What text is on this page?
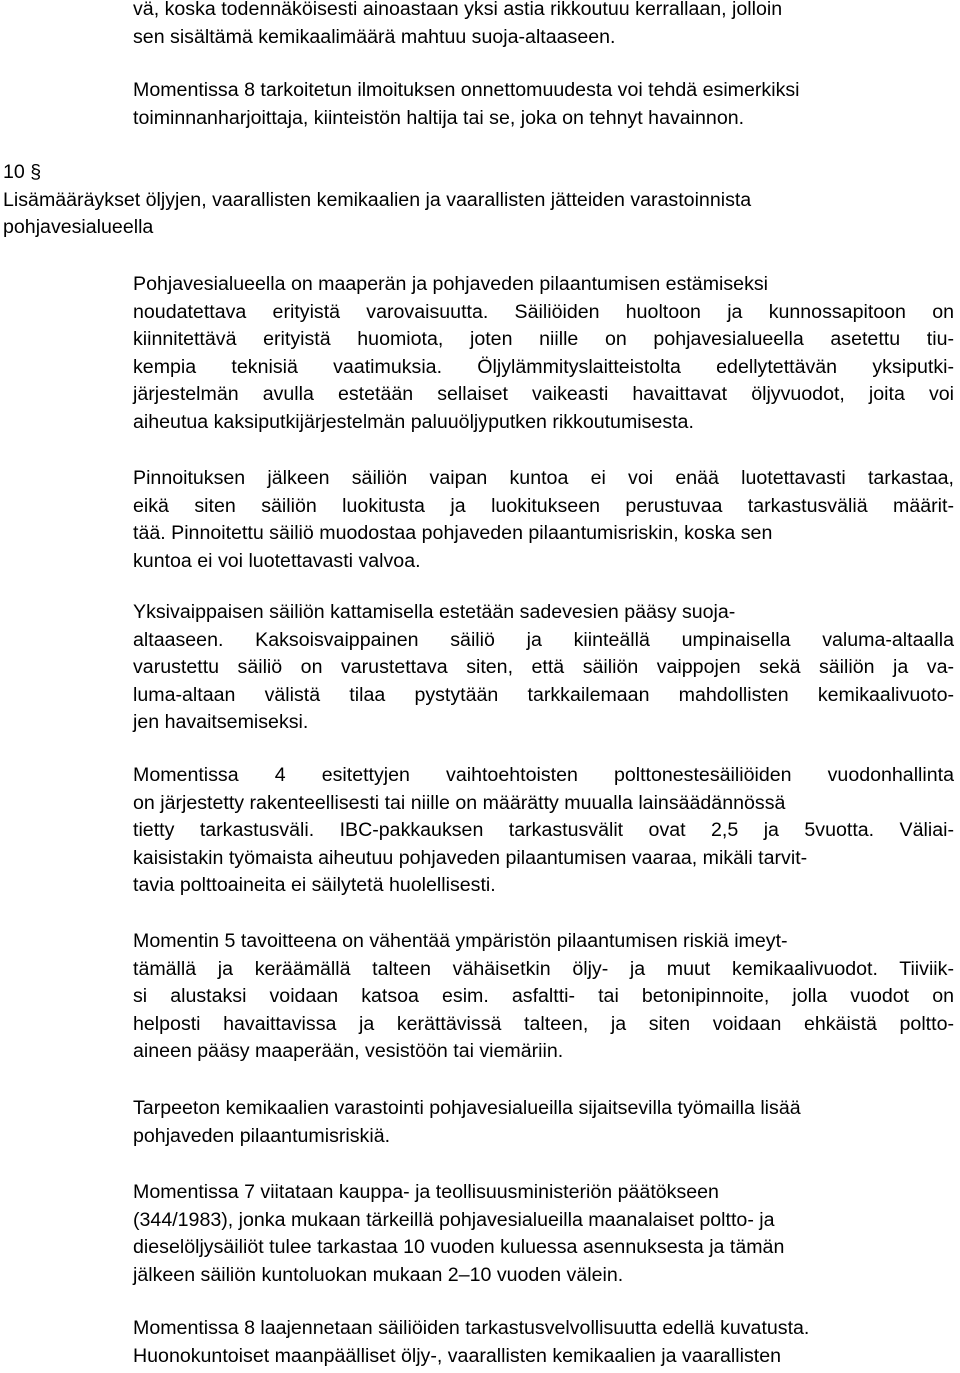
vä, koska todennäköisesti ainoastaan yksi astia rikkoutuu kerrallaan, jolloin
sen sisältämä kemikaalimäärä mahtuu suoja-altaaseen.
Momentissa 8 tarkoitetun ilmoituksen onnettomuudesta voi tehdä esimerkiksi
toiminnanharjoittaja, kiinteistön haltija tai se, joka on tehnyt havainnon.
10 §
Lisämääräykset öljyjen, vaarallisten kemikaalien ja vaarallisten jätteiden varastoinnista
pohjavesialueella
Pohjavesialueella on maaperän ja pohjaveden pilaantumisen estämiseksi
noudatettava erityistä varovaisuutta. Säiliöiden huoltoon ja kunnossapitoon on
kiinnitettävä erityistä huomiota, joten niille on pohjavesialueella asetettu tiu-
kempia teknisiä vaatimuksia. Öljylämmityslaitteistolta edellytettävän yksiputki-
järjestelmän avulla estetään sellaiset vaikeasti havaittavat öljyvuodot, joita voi
aiheutua kaksiputkijärjestelmän paluuöljyputken rikkoutumisesta.
Pinnoituksen jälkeen säiliön vaipan kuntoa ei voi enää luotettavasti tarkastaa,
eikä siten säiliön luokitusta ja luokitukseen perustuvaa tarkastusväliä määrit-
tää. Pinnoitettu säiliö muodostaa pohjaveden pilaantumisriskin, koska sen
kuntoa ei voi luotettavasti valvoa.
Yksivaippaisen säiliön kattamisella estetään sadevesien pääsy suoja-
altaaseen. Kaksoisvaippainen säiliö ja kiinteällä umpinaisella valuma-altaalla
varustettu säiliö on varustettava siten, että säiliön vaippojen sekä säiliön ja va-
luma-altaan välistä tilaa pystytään tarkkailemaan mahdollisten kemikaalivuoto-
jen havaitsemiseksi.
Momentissa 4 esitettyjen vaihtoehtoisten polttonestesäiliöiden vuodonhallinta
on järjestetty rakenteellisesti tai niille on määrätty muualla lainsäädännössä
tietty tarkastusväli. IBC-pakkauksen tarkastusvälit ovat 2,5 ja 5vuotta. Väliai-
kaisistakin työmaista aiheutuu pohjaveden pilaantumisen vaaraa, mikäli tarvit-
tavia polttoaineita ei säilytetä huolellisesti.
Momentin 5 tavoitteena on vähentää ympäristön pilaantumisen riskiä imeyt-
tämällä ja keräämällä talteen vähäisetkin öljy- ja muut kemikaalivuodot. Tiiviik-
si alustaksi voidaan katsoa esim. asfaltti- tai betonipinnoite, jolla vuodot on
helposti havaittavissa ja kerättävissä talteen, ja siten voidaan ehkäistä poltto-
aineen pääsy maaperään, vesistöön tai viemäriin.
Tarpeeton kemikaalien varastointi pohjavesialueilla sijaitsevilla työmailla lisää
pohjaveden pilaantumisriskiä.
Momentissa 7 viitataan kauppa- ja teollisuusministeriön päätökseen
(344/1983), jonka mukaan tärkeillä pohjavesialueilla maanalaiset poltto- ja
dieselöljysäiliöt tulee tarkastaa 10 vuoden kuluessa asennuksesta ja tämän
jälkeen säiliön kuntoluokan mukaan 2–10 vuoden välein.
Momentissa 8 laajennetaan säiliöiden tarkastusvelvollisuutta edellä kuvatusta.
Huonokuntoiset maanpäälliset öljy-, vaarallisten kemikaalien ja vaarallisten
